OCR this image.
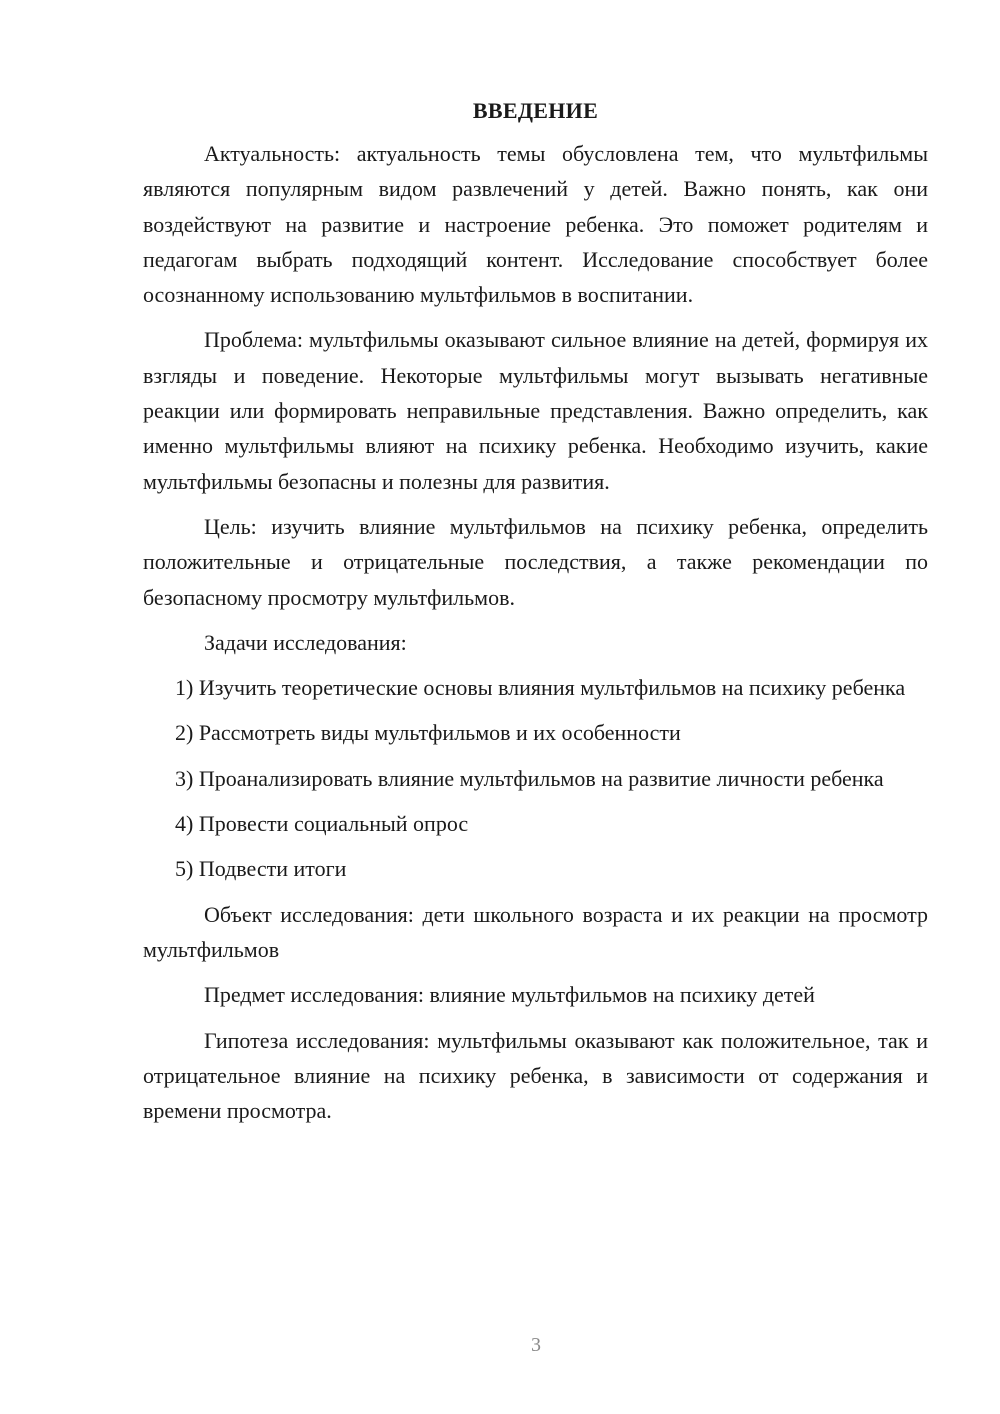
ВВЕДЕНИЕ

Актуальность: актуальность темы обусловлена тем, что мультфильмы являются популярным видом развлечений у детей. Важно понять, как они воздействуют на развитие и настроение ребенка. Это поможет родителям и педагогам выбрать подходящий контент. Исследование способствует более осознанному использованию мультфильмов в воспитании.

Проблема: мультфильмы оказывают сильное влияние на детей, формируя их взгляды и поведение. Некоторые мультфильмы могут вызывать негативные реакции или формировать неправильные представления. Важно определить, как именно мультфильмы влияют на психику ребенка. Необходимо изучить, какие мультфильмы безопасны и полезны для развития.

Цель: изучить влияние мультфильмов на психику ребенка, определить положительные и отрицательные последствия, а также рекомендации по безопасному просмотру мультфильмов.

Задачи исследования:

1) Изучить теоретические основы влияния мультфильмов на психику ребенка

2) Рассмотреть виды мультфильмов и их особенности

3) Проанализировать влияние мультфильмов на развитие личности ребенка

4) Провести социальный опрос

5) Подвести итоги

Объект исследования: дети школьного возраста и их реакции на просмотр мультфильмов

Предмет исследования: влияние мультфильмов на психику детей

Гипотеза исследования: мультфильмы оказывают как положительное, так и отрицательное влияние на психику ребенка, в зависимости от содержания и времени просмотра.

3
